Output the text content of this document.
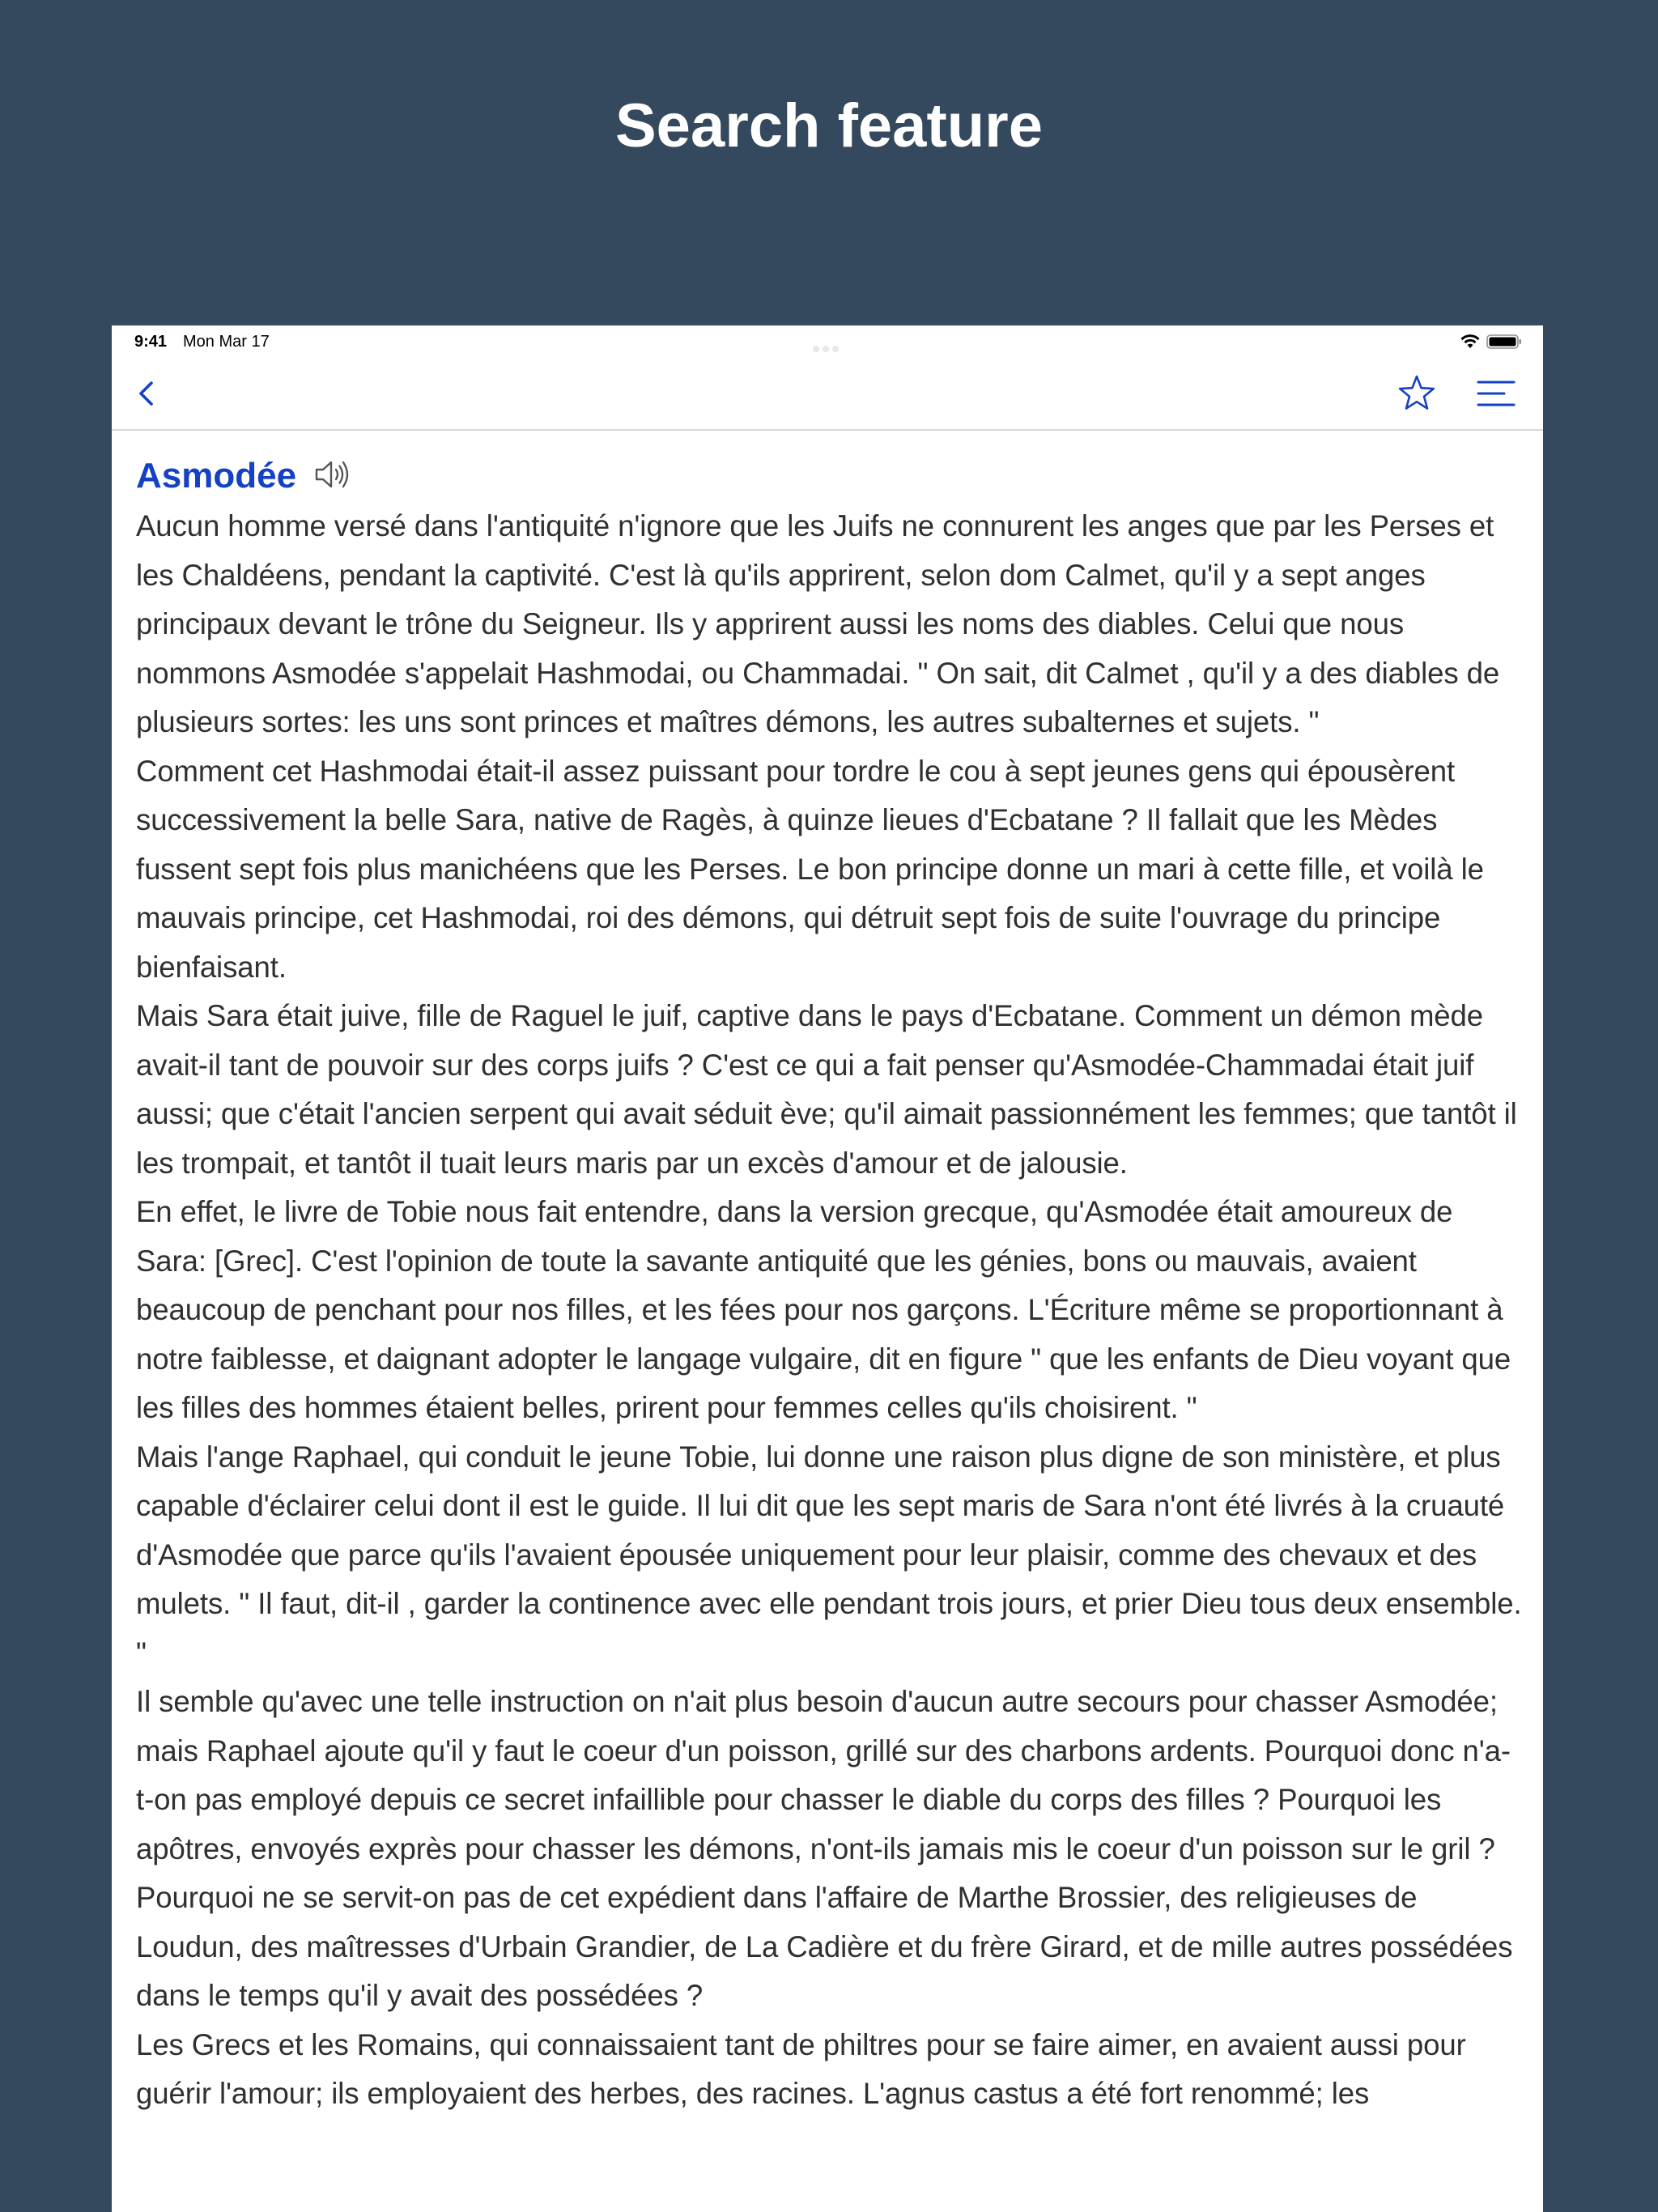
Search feature
9:41 Mon Mar 17
Asmodée

Aucun homme versé dans l'antiquité n'ignore que les Juifs ne connurent les anges que par les Perses et les Chaldéens, pendant la captivité. C'est là qu'ils apprirent, selon dom Calmet, qu'il y a sept anges principaux devant le trône du Seigneur. Ils y apprirent aussi les noms des diables. Celui que nous nommons Asmodée s'appelait Hashmodai, ou Chammadai. " On sait, dit Calmet , qu'il y a des diables de plusieurs sortes: les uns sont princes et maîtres démons, les autres subalternes et sujets. "

Comment cet Hashmodai était-il assez puissant pour tordre le cou à sept jeunes gens qui épousèrent successivement la belle Sara, native de Ragès, à quinze lieues d'Ecbatane ? Il fallait que les Mèdes fussent sept fois plus manichéens que les Perses. Le bon principe donne un mari à cette fille, et voilà le mauvais principe, cet Hashmodai, roi des démons, qui détruit sept fois de suite l'ouvrage du principe bienfaisant.

Mais Sara était juive, fille de Raguel le juif, captive dans le pays d'Ecbatane. Comment un démon mède avait-il tant de pouvoir sur des corps juifs ? C'est ce qui a fait penser qu'Asmodée-Chammadai était juif aussi; que c'était l'ancien serpent qui avait séduit ève; qu'il aimait passionnément les femmes; que tantôt il les trompait, et tantôt il tuait leurs maris par un excès d'amour et de jalousie.

En effet, le livre de Tobie nous fait entendre, dans la version grecque, qu'Asmodée était amoureux de Sara: [Grec]. C'est l'opinion de toute la savante antiquité que les génies, bons ou mauvais, avaient beaucoup de penchant pour nos filles, et les fées pour nos garçons. L'Écriture même se proportionnant à notre faiblesse, et daignant adopter le langage vulgaire, dit en figure " que les enfants de Dieu voyant que les filles des hommes étaient belles, prirent pour femmes celles qu'ils choisirent. "

Mais l'ange Raphael, qui conduit le jeune Tobie, lui donne une raison plus digne de son ministère, et plus capable d'éclairer celui dont il est le guide. Il lui dit que les sept maris de Sara n'ont été livrés à la cruauté d'Asmodée que parce qu'ils l'avaient épousée uniquement pour leur plaisir, comme des chevaux et des mulets. " Il faut, dit-il , garder la continence avec elle pendant trois jours, et prier Dieu tous deux ensemble. "

Il semble qu'avec une telle instruction on n'ait plus besoin d'aucun autre secours pour chasser Asmodée; mais Raphael ajoute qu'il y faut le coeur d'un poisson, grillé sur des charbons ardents. Pourquoi donc n'a-t-on pas employé depuis ce secret infaillible pour chasser le diable du corps des filles ? Pourquoi les apôtres, envoyés exprès pour chasser les démons, n'ont-ils jamais mis le coeur d'un poisson sur le gril ? Pourquoi ne se servit-on pas de cet expédient dans l'affaire de Marthe Brossier, des religieuses de Loudun, des maîtresses d'Urbain Grandier, de La Cadière et du frère Girard, et de mille autres possédées dans le temps qu'il y avait des possédées ?

Les Grecs et les Romains, qui connaissaient tant de philtres pour se faire aimer, en avaient aussi pour guérir l'amour; ils employaient des herbes, des racines. L'agnus castus a été fort renommé; les
